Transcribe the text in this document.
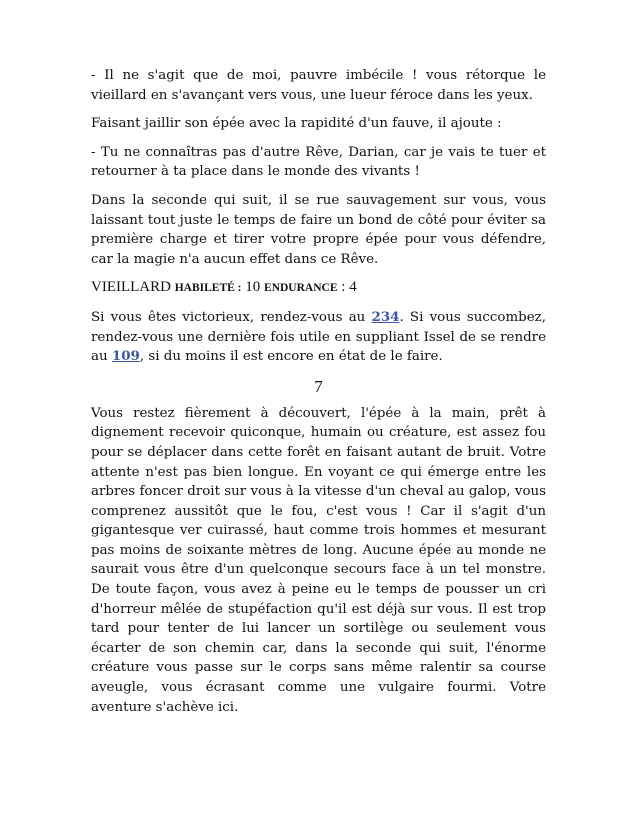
- Il ne s'agit que de moi, pauvre imbécile ! vous rétorque le vieillard en s'avançant vers vous, une lueur féroce dans les yeux.

Faisant jaillir son épée avec la rapidité d'un fauve, il ajoute :

- Tu ne connaîtras pas d'autre Rêve, Darian, car je vais te tuer et retourner à ta place dans le monde des vivants !

Dans la seconde qui suit, il se rue sauvagement sur vous, vous laissant tout juste le temps de faire un bond de côté pour éviter sa première charge et tirer votre propre épée pour vous défendre, car la magie n'a aucun effet dans ce Rêve.

VIEILLARD HABILETÉ : 10 ENDURANCE : 4

Si vous êtes victorieux, rendez-vous au 234. Si vous succombez, rendez-vous une dernière fois utile en suppliant Issel de se rendre au 109, si du moins il est encore en état de le faire.

7

Vous restez fièrement à découvert, l'épée à la main, prêt à dignement recevoir quiconque, humain ou créature, est assez fou pour se déplacer dans cette forêt en faisant autant de bruit. Votre attente n'est pas bien longue. En voyant ce qui émerge entre les arbres foncer droit sur vous à la vitesse d'un cheval au galop, vous comprenez aussitôt que le fou, c'est vous ! Car il s'agit d'un gigantesque ver cuirassé, haut comme trois hommes et mesurant pas moins de soixante mètres de long. Aucune épée au monde ne saurait vous être d'un quelconque secours face à un tel monstre. De toute façon, vous avez à peine eu le temps de pousser un cri d'horreur mêlée de stupéfaction qu'il est déjà sur vous. Il est trop tard pour tenter de lui lancer un sortilège ou seulement vous écarter de son chemin car, dans la seconde qui suit, l'énorme créature vous passe sur le corps sans même ralentir sa course aveugle, vous écrasant comme une vulgaire fourmi. Votre aventure s'achève ici.
